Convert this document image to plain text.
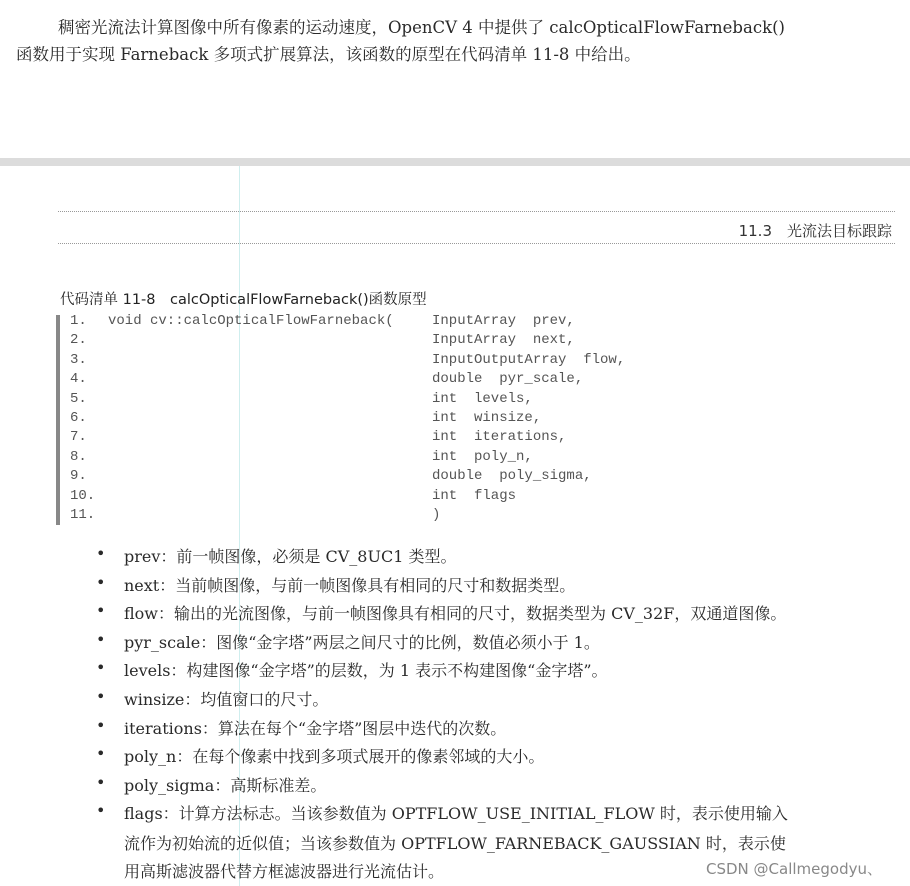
稠密光流法计算图像中所有像素的运动速度，OpenCV 4 中提供了 calcOpticalFlowFarneback()
函数用于实现 Farneback 多项式扩展算法，该函数的原型在代码清单 11-8 中给出。
11.3　光流法目标跟踪
代码清单 11-8　calcOpticalFlowFarneback()函数原型
1. void cv::calcOpticalFlowFarneback(	InputArray  prev,
2.	InputArray  next,
3.	InputOutputArray  flow,
4.	double  pyr_scale,
5.	int  levels,
6.	int  winsize,
7.	int  iterations,
8.	int  poly_n,
9.	double  poly_sigma,
10.	int  flags
11.	)
• prev：前一帧图像，必须是 CV_8UC1 类型。
• next：当前帧图像，与前一帧图像具有相同的尺寸和数据类型。
• flow：输出的光流图像，与前一帧图像具有相同的尺寸，数据类型为 CV_32F，双通道图像。
• pyr_scale：图像“金字塔”两层之间尺寸的比例，数值必须小于 1。
• levels：构建图像“金字塔”的层数，为 1 表示不构建图像“金字塔”。
• winsize：均值窗口的尺寸。
• iterations：算法在每个“金字塔”图层中迭代的次数。
• poly_n：在每个像素中找到多项式展开的像素邻域的大小。
• poly_sigma：高斯标准差。
• flags：计算方法标志。当该参数值为 OPTFLOW_USE_INITIAL_FLOW 时，表示使用输入
流作为初始流的近似值；当该参数值为 OPTFLOW_FARNEBACK_GAUSSIAN 时，表示使
用高斯滤波器代替方框滤波器进行光流估计。	CSDN @Callmegodyu、
